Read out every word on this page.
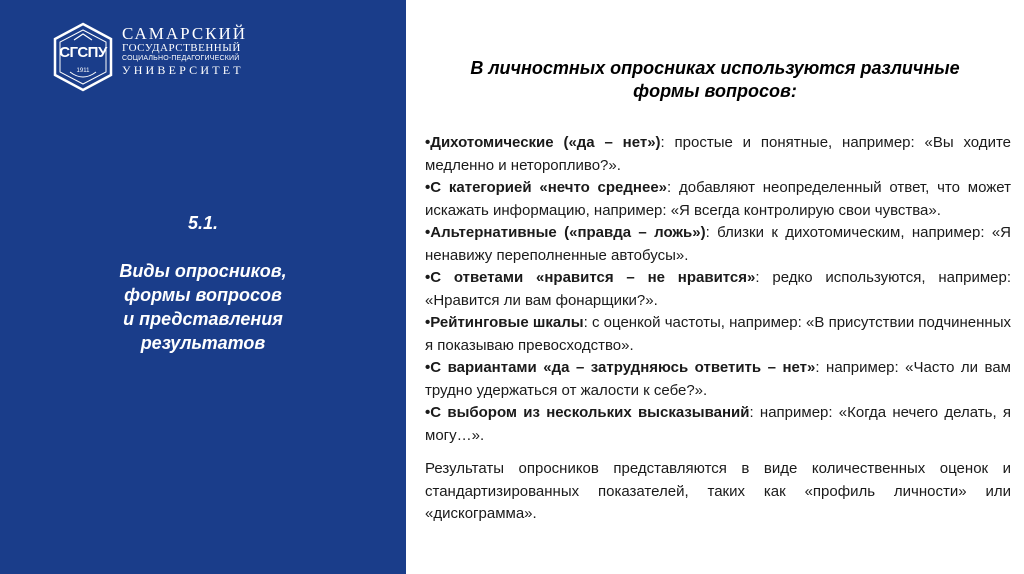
СГСПУ
1911
САМАРСКИЙ
ГОСУДАРСТВЕННЫЙ
СОЦИАЛЬНО-ПЕДАГОГИЧЕСКИЙ
УНИВЕРСИТЕТ
5.1.
Виды опросников,
формы вопросов
и представления
результатов
В личностных опросниках используются различные
формы вопросов:

•Дихотомические («да – нет»): простые и понятные, например: «Вы ходите медленно и неторопливо?».

•С категорией «нечто среднее»: добавляют неопределенный ответ, что может искажать информацию, например: «Я всегда контролирую свои чувства».

•Альтернативные («правда – ложь»): близки к дихотомическим, например: «Я ненавижу переполненные автобусы».

•С ответами «нравится – не нравится»: редко используются, например: «Нравится ли вам фонарщики?».

•Рейтинговые шкалы: с оценкой частоты, например: «В присутствии подчиненных я показываю превосходство».

•С вариантами «да – затрудняюсь ответить – нет»: например: «Часто ли вам трудно удержаться от жалости к себе?».

•С выбором из нескольких высказываний: например: «Когда нечего делать, я могу…».

Результаты опросников представляются в виде количественных оценок и стандартизированных показателей, таких как «профиль личности» или «дискограмма».
